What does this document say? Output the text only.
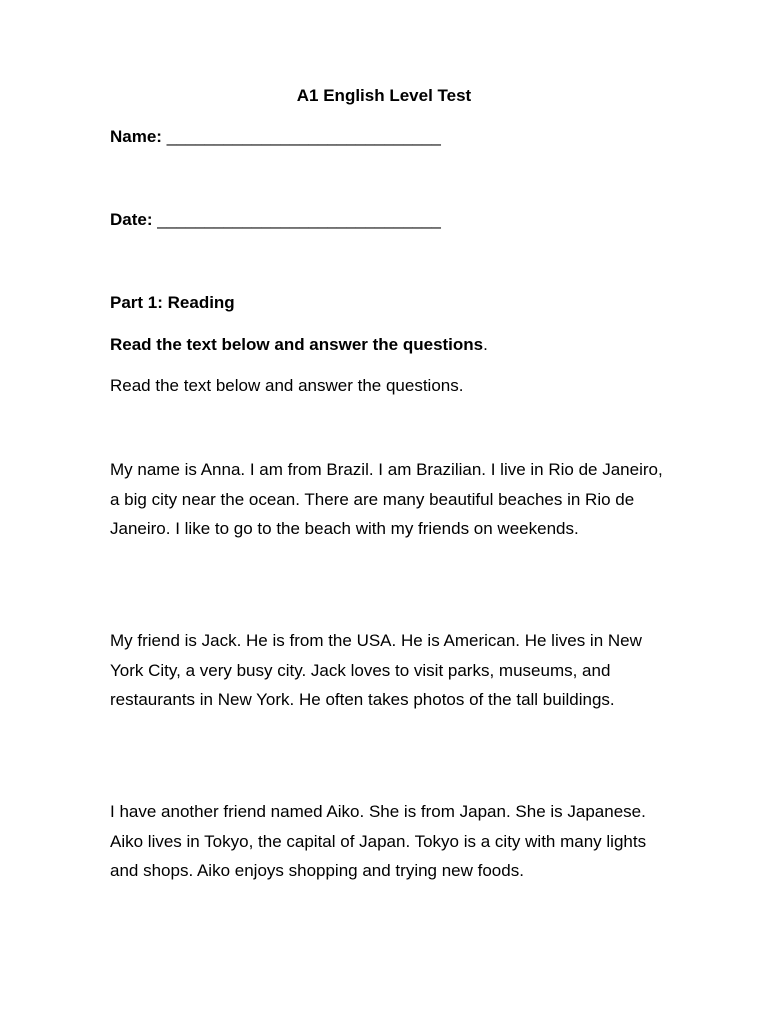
A1 English Level Test
Name: _____________________________
Date: ______________________________
Part 1: Reading
Read the text below and answer the questions.
Read the text below and answer the questions.
My name is Anna. I am from Brazil. I am Brazilian. I live in Rio de Janeiro, a big city near the ocean. There are many beautiful beaches in Rio de Janeiro. I like to go to the beach with my friends on weekends.
My friend is Jack. He is from the USA. He is American. He lives in New York City, a very busy city. Jack loves to visit parks, museums, and restaurants in New York. He often takes photos of the tall buildings.
I have another friend named Aiko. She is from Japan. She is Japanese. Aiko lives in Tokyo, the capital of Japan. Tokyo is a city with many lights and shops. Aiko enjoys shopping and trying new foods.
